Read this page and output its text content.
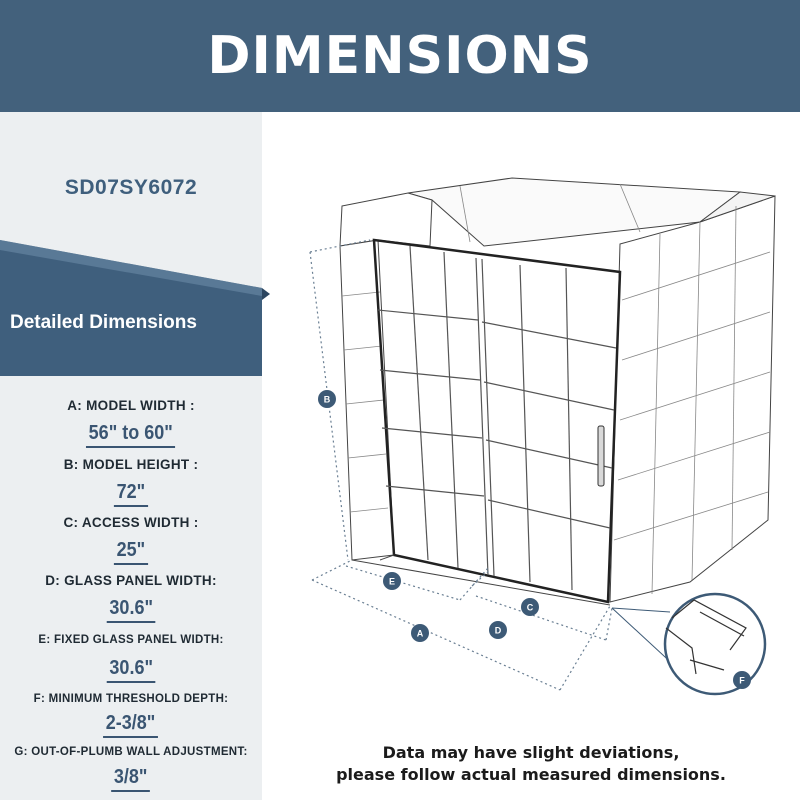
DIMENSIONS
SD07SY6072
Detailed Dimensions
A: MODEL WIDTH :
56" to 60"
B: MODEL HEIGHT :
72"
C: ACCESS WIDTH :
25"
D: GLASS PANEL WIDTH:
30.6"
E: FIXED GLASS PANEL WIDTH:
30.6"
F: MINIMUM THRESHOLD DEPTH:
2-3/8"
G: OUT-OF-PLUMB WALL ADJUSTMENT:
3/8"
B
E
C
A	D
F
Data may have slight deviations,
please follow actual measured dimensions.
